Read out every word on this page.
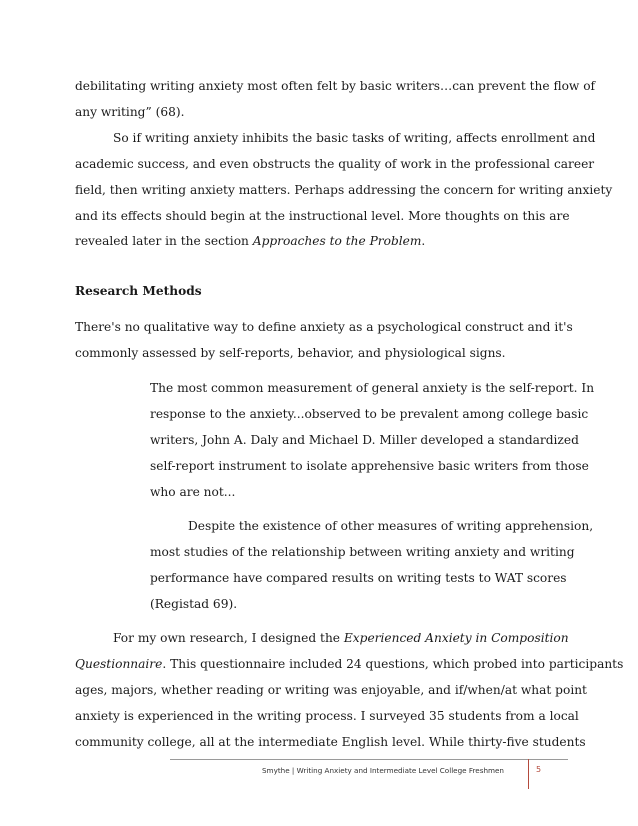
debilitating writing anxiety most often felt by basic writers…can prevent the flow of
any writing” (68).
So if writing anxiety inhibits the basic tasks of writing, affects enrollment and
academic success, and even obstructs the quality of work in the professional career
field, then writing anxiety matters. Perhaps addressing the concern for writing anxiety
and its effects should begin at the instructional level. More thoughts on this are
revealed later in the section Approaches to the Problem.
Research Methods
There's no qualitative way to define anxiety as a psychological construct and it's
commonly assessed by self-reports, behavior, and physiological signs.
The most common measurement of general anxiety is the self-report. In
response to the anxiety...observed to be prevalent among college basic
writers, John A. Daly and Michael D. Miller developed a standardized
self-report instrument to isolate apprehensive basic writers from those
who are not...
Despite the existence of other measures of writing apprehension,
most studies of the relationship between writing anxiety and writing
performance have compared results on writing tests to WAT scores
(Registad 69).
For my own research, I designed the Experienced Anxiety in Composition
Questionnaire. This questionnaire included 24 questions, which probed into participants
ages, majors, whether reading or writing was enjoyable, and if/when/at what point
anxiety is experienced in the writing process. I surveyed 35 students from a local
community college, all at the intermediate English level. While thirty-five students
Smythe | Writing Anxiety and Intermediate Level College Freshmen	5
